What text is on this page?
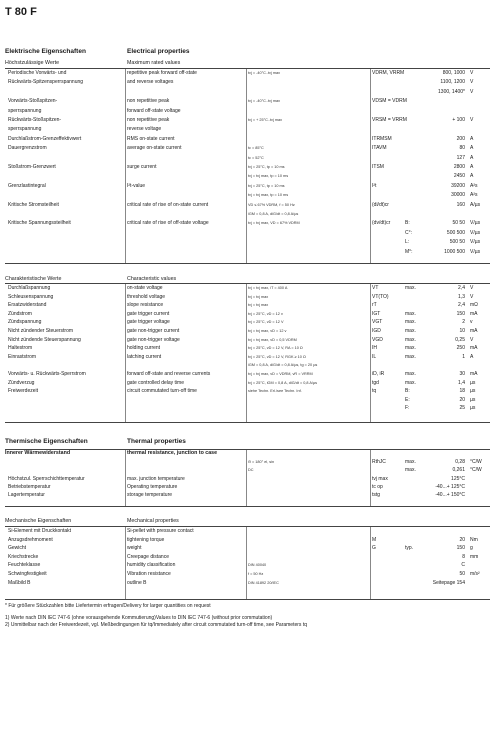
T 80 F
Elektrische Eigenschaften	Electrical properties
Höchstzulässige Werte	Maximum rated values
Periodische Vorwärts- und	repetitive peak forward off-state	tvj = -40°C..tvj max	VDRM, VRRM	800, 1000 V
Rückwärts-Spitzensperrspannung	and reverse voltages	1100, 1200 V
1300, 1400* V
Vorwärts-Stoßspitzen-	non repetitive peak	tvj = -40°C..tvj max	VDSM = VDRM
sperrspannung	forward off-state voltage
Rückwärts-Stoßspitzen-	non repetitive peak	tvj = + 25°C..tvj max	VRSM = VRRM	+ 100 V
sperrspannung	reverse voltage
Durchlaßstrom-Grenzeffektivwert	RMS on-state current	ITRMSM	200 A
Dauergrenzstrom	average on-state current	tc = 85°C	ITAVM	80 A
tc = 52°C	127 A
Stoßstrom-Grenzwert	surge current	tvj = 25°C, tp = 10 ms	ITSM	2800 A
tvj = tvj max, tp = 10 ms	2450 A
Grenzlastintegral	I²t-value	tvj = 25°C, tp = 10 ms	I²t	39200 A²s
tvj = tvj max, tp = 10 ms	30000 A²s
Kritische Stromsteilheit	critical rate of rise of on-state current	VD ≤ 67% VDRM, f = 50 Hz	(di/dt)cr	160 A/µs
iGM = 0,8 A, diG/dt = 0,8 A/µs
Kritische Spannungssteilheit	critical rate of rise of off-state voltage	tvj = tvj max, VD = 67% VDRM	(dv/dt)cr	B:	50 50 V/µs
C°:	500 500 V/µs
L:	500 50 V/µs
M°:	1000 500 V/µs
Charakteristische Werte	Characteristic values
Durchlaßspannung	on-state voltage	tvj = tvj max, iT = 400 A	VT	max.	2,4 V
Schleusenspannung	threshold voltage	tvj = tvj max	VT(TO)	1,3 V
Ersatzwiderstand	slope resistance	tvj = tvj max	rT	2,4 mΩ
Zündstrom	gate trigger current	tvj = 25°C, vD = 12 v	IGT	max.	150 mA
Zündspannung	gate trigger voltage	tvj = 25°C, vD = 12 V	VGT	max.	2 v
Nicht zündender Steuerstrom	gate non-trigger current	tvj = tvj max, vD = 12 v	IGD	max.	10 mA
Nicht zündende Steuerspannung	gate non-trigger voltage	tvj = tvj max, vD = 0,5 VDRM	VGD	max.	0,25 V
Haltestrom	holding current	tvj = 25°C, vD = 12 V, RA = 10 Ω	IH	max.	250 mA
Einraststrom	latching current	tvj = 25°C, vD = 12 V, RGK ≥ 10 Ω	IL	max.	1 A
iGM = 0,8 A, diG/dt = 0,8 A/µs, tg = 20 µs
Vorwärts- u. Rückwärts-Sperrstrom	forward off-state and reverse currents	tvj = tvj max, vD = VDRM, vR = VRRM	iD, iR	max.	30 mA
Zündverzug	gate controlled delay time	tvj = 25°C, iGM = 0,8 A, diG/dt = 0,8 A/µs	tgd	max.	1,4 µs
Freiwerdezeit	circuit commutated turn-off time	siehe Techn. Erl./see Techn. Inf.	tq	B:	18 µs
E:	20 µs
F:	25 µs
Thermische Eigenschaften	Thermal properties
Innerer Wärmewiderstand	thermal resistance, junction to case
Θ = 180° el, sin	RthJC	max.	0,28 °C/W
DC	max.	0,261 °C/W
Höchstzul. Sperrschichttemperatur	max. junction temperature	tvj max	125°C
Betriebstemperatur	Operating temperature	tc op	-40...+ 125°C
Lagertemperatur	storage temperature	tstg	-40...+ 150°C
Mechanische Eigenschaften	Mechanical properties
Si-Element mit Druckkontakt	Si-pellet with pressure contact
Anzugsdrehmoment	tightening torque	M	20 Nm
Gewicht	weight	G	typ.	150 g
Kriechstrecke	Creepage distance	8 mm
Feuchteklasse	humidity classification	DIN 40040	C
Schwingfestigkeit	Vibration resistance	f = 50 Hz	50 m/s²
Maßbild B	outline B	DIN 41892 20/IEC	Seitepage 154
* Für größere Stückzahlen bitte Liefertermin erfragen/Delivery for larger quantities on request
1) Werte nach DIN IEC 747-6 (ohne vorausgehende Kommutierung)Values to DIN IEC 747-6 (without prior commutation)
2) Unmittelbar nach der Freiwerdezeit, vgl. Meßbedingungen für tq/Immediately after circuit commutated turn-off time, see Parameters tq
